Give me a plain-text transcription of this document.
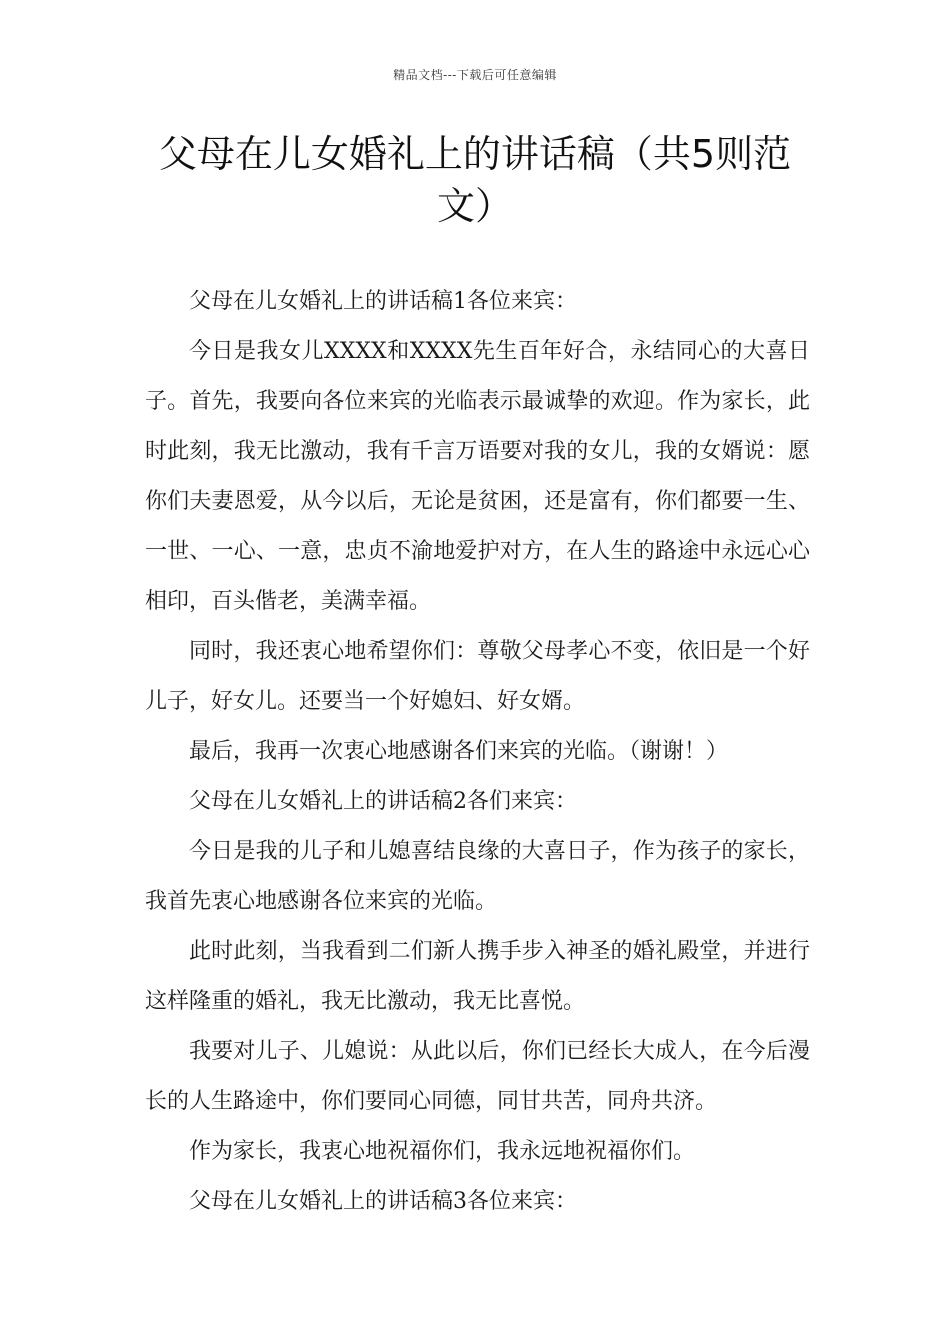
精品文档---下载后可任意编辑
父母在儿女婚礼上的讲话稿（共5则范文）

父母在儿女婚礼上的讲话稿1各位来宾：

今日是我女儿XXXX和XXXX先生百年好合，永结同心的大喜日子。首先，我要向各位来宾的光临表示最诚挚的欢迎。作为家长，此时此刻，我无比激动，我有千言万语要对我的女儿，我的女婿说：愿你们夫妻恩爱，从今以后，无论是贫困，还是富有，你们都要一生、一世、一心、一意，忠贞不渝地爱护对方，在人生的路途中永远心心相印，百头偕老，美满幸福。

同时，我还衷心地希望你们：尊敬父母孝心不变，依旧是一个好儿子，好女儿。还要当一个好媳妇、好女婿。

最后，我再一次衷心地感谢各们来宾的光临。（谢谢！）

父母在儿女婚礼上的讲话稿2各们来宾：

今日是我的儿子和儿媳喜结良缘的大喜日子，作为孩子的家长，我首先衷心地感谢各位来宾的光临。

此时此刻，当我看到二们新人携手步入神圣的婚礼殿堂，并进行这样隆重的婚礼，我无比激动，我无比喜悦。

我要对儿子、儿媳说：从此以后，你们已经长大成人，在今后漫长的人生路途中，你们要同心同德，同甘共苦，同舟共济。

作为家长，我衷心地祝福你们，我永远地祝福你们。

父母在儿女婚礼上的讲话稿3各位来宾：
